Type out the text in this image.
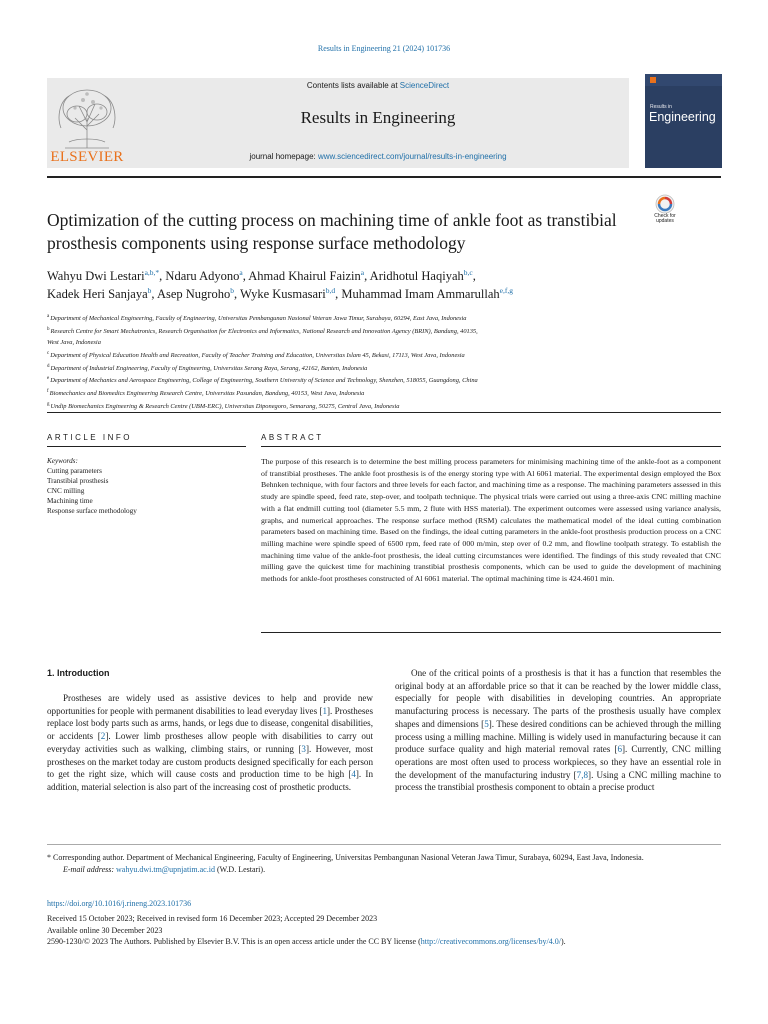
Results in Engineering 21 (2024) 101736
ELSEVIER
Contents lists available at ScienceDirect
Results in Engineering
journal homepage: www.sciencedirect.com/journal/results-in-engineering
Results in
Engineering
Check for updates
Optimization of the cutting process on machining time of ankle foot as transtibial prosthesis components using response surface methodology
Wahyu Dwi Lestari$^{a,b,*}$, Ndaru Adyono$^a$, Ahmad Khairul Faizin$^a$, Aridhotul Haqiyah$^{b,c}$,
Kadek Heri Sanjaya$^b$, Asep Nugroho$^b$, Wyke Kusmasari$^{b,d}$, Muhammad Imam Ammarullah$^{e,f,g}$
$^a$Department of Mechanical Engineering, Faculty of Engineering, Universitas Pembangunan Nasional Veteran Jawa Timur, Surabaya, 60294, East Java, Indonesia
$^b$Research Centre for Smart Mechatronics, Research Organisation for Electronics and Informatics, National Research and Innovation Agency (BRIN), Bandung, 40135,
West Java, Indonesia
$^c$Department of Physical Education Health and Recreation, Faculty of Teacher Training and Education, Universitas Islam 45, Bekasi, 17113, West Java, Indonesia
$^d$Department of Industrial Engineering, Faculty of Engineering, Universitas Serang Raya, Serang, 42162, Banten, Indonesia
$^e$Department of Mechanics and Aerospace Engineering, College of Engineering, Southern University of Science and Technology, Shenzhen, 518055, Guangdong, China
$^f$Biomechanics and Biomedics Engineering Research Centre, Universitas Pasundan, Bandung, 40153, West Java, Indonesia
$^g$Undip Biomechanics Engineering & Research Centre (UBM-ERC), Universitas Diponegoro, Semarang, 50275, Central Java, Indonesia
ARTICLE INFO
Keywords:
Cutting parameters
Transtibial prosthesis
CNC milling
Machining time
Response surface methodology
ABSTRACT
The purpose of this research is to determine the best milling process parameters for minimising machining time of the ankle-foot as a component of transtibial prostheses. The ankle foot prosthesis is of the energy storing type with Al 6061 material. The experimental design employed the Box Behnken technique, with four factors and three levels for each factor, and machining time as a response. The machining parameters assessed in this study are spindle speed, feed rate, step-over, and toolpath technique. The physical trials were carried out using a three-axis CNC milling machine with a flat endmill cutting tool (diameter 5.5 mm, 2 flute with HSS material). The experiment outcomes were assessed using variance analysis, graphs, and numerical approaches. The response surface method (RSM) calculates the mathematical model of the ideal cutting combination parameters based on machining time. Based on the findings, the ideal cutting parameters in the ankle-foot prosthesis production process on a CNC milling machine were spindle speed of 6500 rpm, feed rate of 000 m/min, step over of 0.2 mm, and flowline toolpath strategy. To establish the machining time value of the ankle-foot prosthesis, the ideal cutting circumstances were identified. The findings of this study revealed that CNC milling gave the quickest time for machining transtibial prosthesis components, which can be used to guide the development of machining methods for ankle-foot prostheses constructed of Al 6061 material. The optimal machining time is 424.4601 min.
1. Introduction
Prostheses are widely used as assistive devices to help and provide new opportunities for people with permanent disabilities to lead everyday lives [1]. Prostheses replace lost body parts such as arms, hands, or legs due to disease, congenital disabilities, or accidents [2]. Lower limb prostheses allow people with disabilities to carry out everyday activities such as walking, climbing stairs, or running [3]. However, most prostheses on the market today are custom products designed specifically for each person to get the right size, which will cause costs and production time to be high [4]. In addition, material selection is also part of the increasing cost of prosthetic products.
One of the critical points of a prosthesis is that it has a function that resembles the original body at an affordable price so that it can be reached by the lower middle class, especially for people with disabilities in developing countries. An appropriate manufacturing process is necessary. The parts of the prosthesis usually have complex shapes and dimensions [5]. These desired conditions can be achieved through the milling process using a milling machine. Milling is widely used in manufacturing because it can produce surface quality and high material removal rates [6]. Currently, CNC milling operations are most often used to process workpieces, so they have an essential role in the development of the manufacturing industry [7,8]. Using a CNC milling machine to process the transtibial prosthesis component to obtain a precise product
* Corresponding author. Department of Mechanical Engineering, Faculty of Engineering, Universitas Pembangunan Nasional Veteran Jawa Timur, Surabaya, 60294, East Java, Indonesia.
E-mail address: wahyu.dwi.tm@upnjatim.ac.id (W.D. Lestari).
https://doi.org/10.1016/j.rineng.2023.101736
Received 15 October 2023; Received in revised form 16 December 2023; Accepted 29 December 2023
Available online 30 December 2023
2590-1230/© 2023 The Authors. Published by Elsevier B.V. This is an open access article under the CC BY license (http://creativecommons.org/licenses/by/4.0/).
